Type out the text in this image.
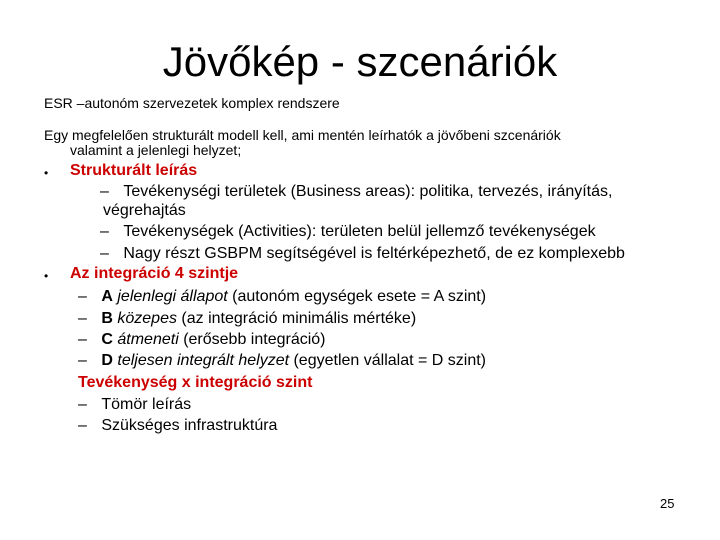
Jövőkép - szcenáriók
ESR –autonóm szervezetek komplex rendszere
Egy megfelelően strukturált modell kell, ami mentén leírhatók a jövőbeni szcenáriók
valamint a jelenlegi helyzet;
• Strukturált leírás
– Tevékenységi területek (Business areas): politika, tervezés, irányítás,
végrehajtás
– Tevékenységek (Activities): területen belül jellemző tevékenységek
– Nagy részt GSBPM segítségével is feltérképezhető, de ez komplexebb
• Az integráció 4 szintje
– A jelenlegi állapot (autonóm egységek esete = A szint)
– B közepes (az integráció minimális mértéke)
– C átmeneti (erősebb integráció)
– D teljesen integrált helyzet (egyetlen vállalat = D szint)
Tevékenység x integráció szint
– Tömör leírás
– Szükséges infrastruktúra
25
